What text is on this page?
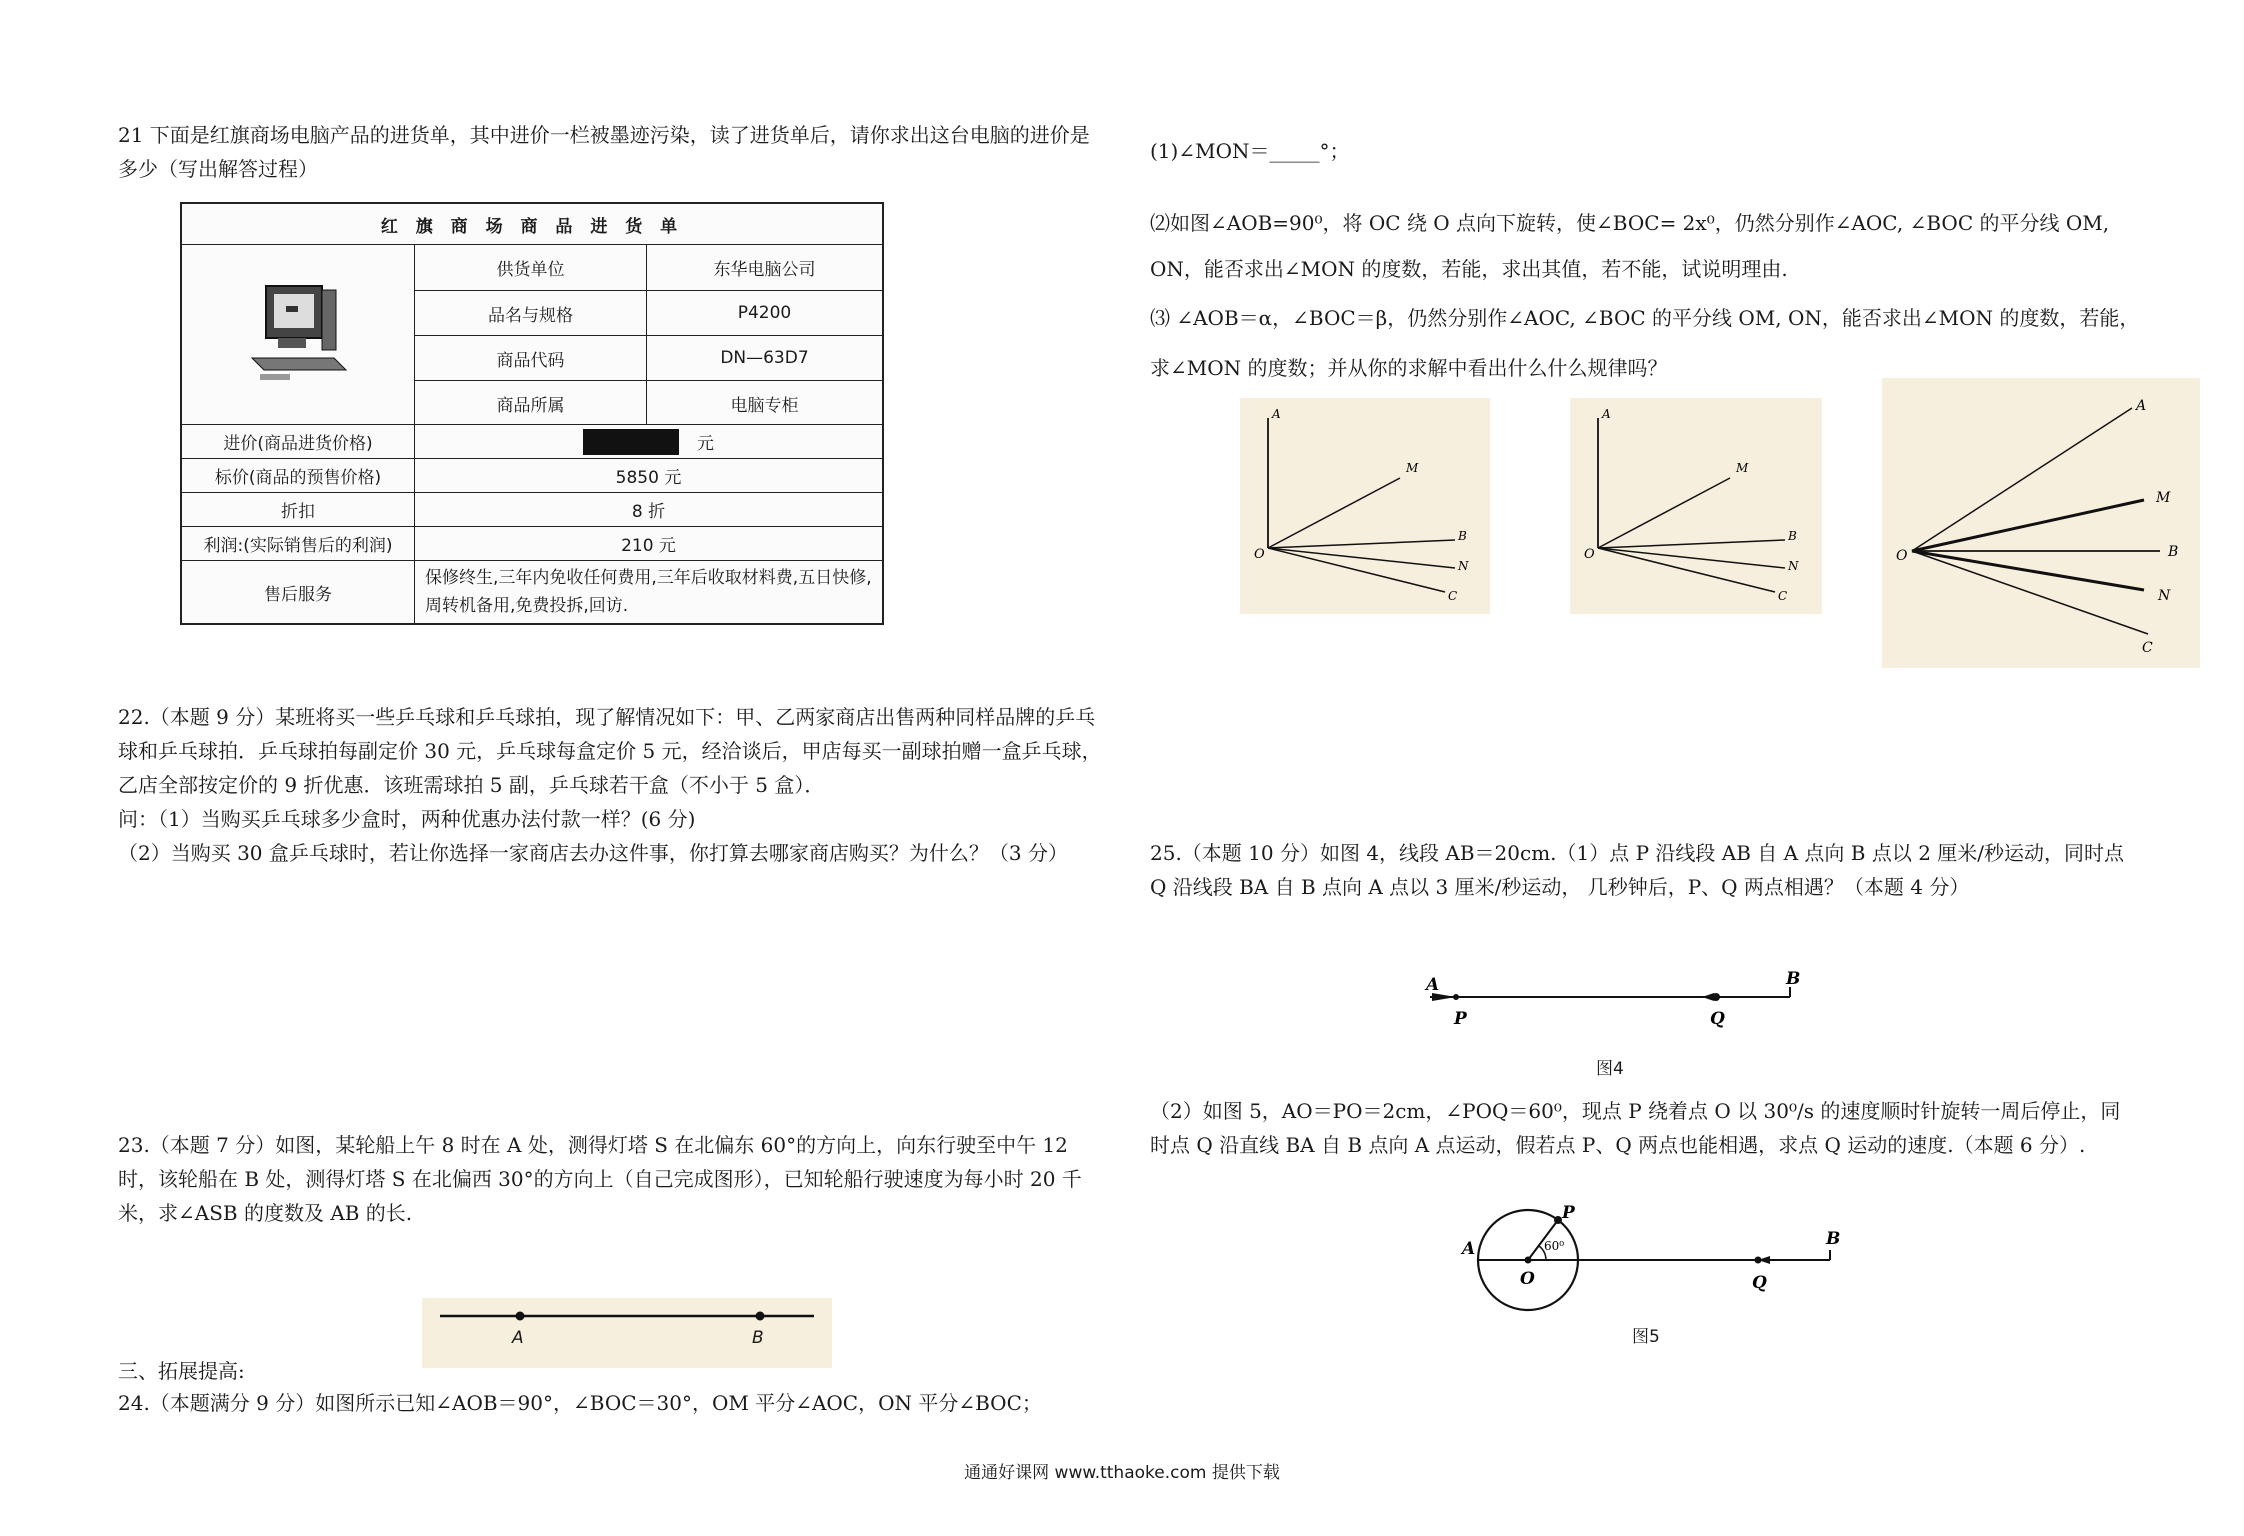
21 下面是红旗商场电脑产品的进货单，其中进价一栏被墨迹污染，读了进货单后，请你求出这台电脑的进价是多少（写出解答过程）

红 旗 商 场 商 品 进 货 单
供货单位	东华电脑公司
品名与规格	P4200
商品代码	DN—63D7
商品所属	电脑专柜
进价(商品进货价格)	元
标价(商品的预售价格)	5850 元
折扣	8 折
利润:(实际销售后的利润)	210 元
售后服务
保修终生,三年内免收任何费用,三年后收取材料费,五日快修,周转机备用,免费投拆,回访.
22.（本题 9 分）某班将买一些乒乓球和乒乓球拍，现了解情况如下：甲、乙两家商店出售两种同样品牌的乒乓球和乒乓球拍．乒乓球拍每副定价 30 元，乒乓球每盒定价 5 元，经洽谈后，甲店每买一副球拍赠一盒乒乓球，乙店全部按定价的 9 折优惠．该班需球拍 5 副，乒乓球若干盒（不小于 5 盒）．
问：（1）当购买乒乓球多少盒时，两种优惠办法付款一样？(6 分)
（2）当购买 30 盒乒乓球时，若让你选择一家商店去办这件事，你打算去哪家商店购买？为什么？（3 分）

23.（本题 7 分）如图，某轮船上午 8 时在 A 处，测得灯塔 S 在北偏东 60°的方向上，向东行驶至中午 12 时，该轮船在 B 处，测得灯塔 S 在北偏西 30°的方向上（自己完成图形），已知轮船行驶速度为每小时 20 千米，求∠ASB 的度数及 AB 的长.

A	B

三、拓展提高:

24.（本题满分 9 分）如图所示已知∠AOB＝90°，∠BOC＝30°，OM 平分∠AOC，ON 平分∠BOC；

(1)∠MON＝_____°；

⑵如图∠AOB=90⁰，将 OC 绕 O 点向下旋转，使∠BOC= 2x⁰，仍然分别作∠AOC, ∠BOC 的平分线 OM, ON，能否求出∠MON 的度数，若能，求出其值，若不能，试说明理由.

⑶ ∠AOB＝α，∠BOC＝β，仍然分别作∠AOC, ∠BOC 的平分线 OM, ON，能否求出∠MON 的度数，若能，求∠MON 的度数；并从你的求解中看出什么什么规律吗？

A
M
B
N
C
O
A
M
B
N
C
O
A
M
B
N
C
O

25.（本题 10 分）如图 4，线段 AB＝20cm.（1）点 P 沿线段 AB 自 A 点向 B 点以 2 厘米/秒运动，同时点 Q 沿线段 BA 自 B 点向 A 点以 3 厘米/秒运动， 几秒钟后，P、Q 两点相遇？（本题 4 分）

A	B
P	Q
图4

（2）如图 5，AO＝PO＝2cm，∠POQ＝60⁰，现点 P 绕着点 O 以 30⁰/s 的速度顺时针旋转一周后停止，同时点 Q 沿直线 BA 自 B 点向 A 点运动，假若点 P、Q 两点也能相遇，求点 Q 运动的速度.（本题 6 分）.

A
P
O	Q
B
60⁰
图5
通通好课网 www.tthaoke.com 提供下载
